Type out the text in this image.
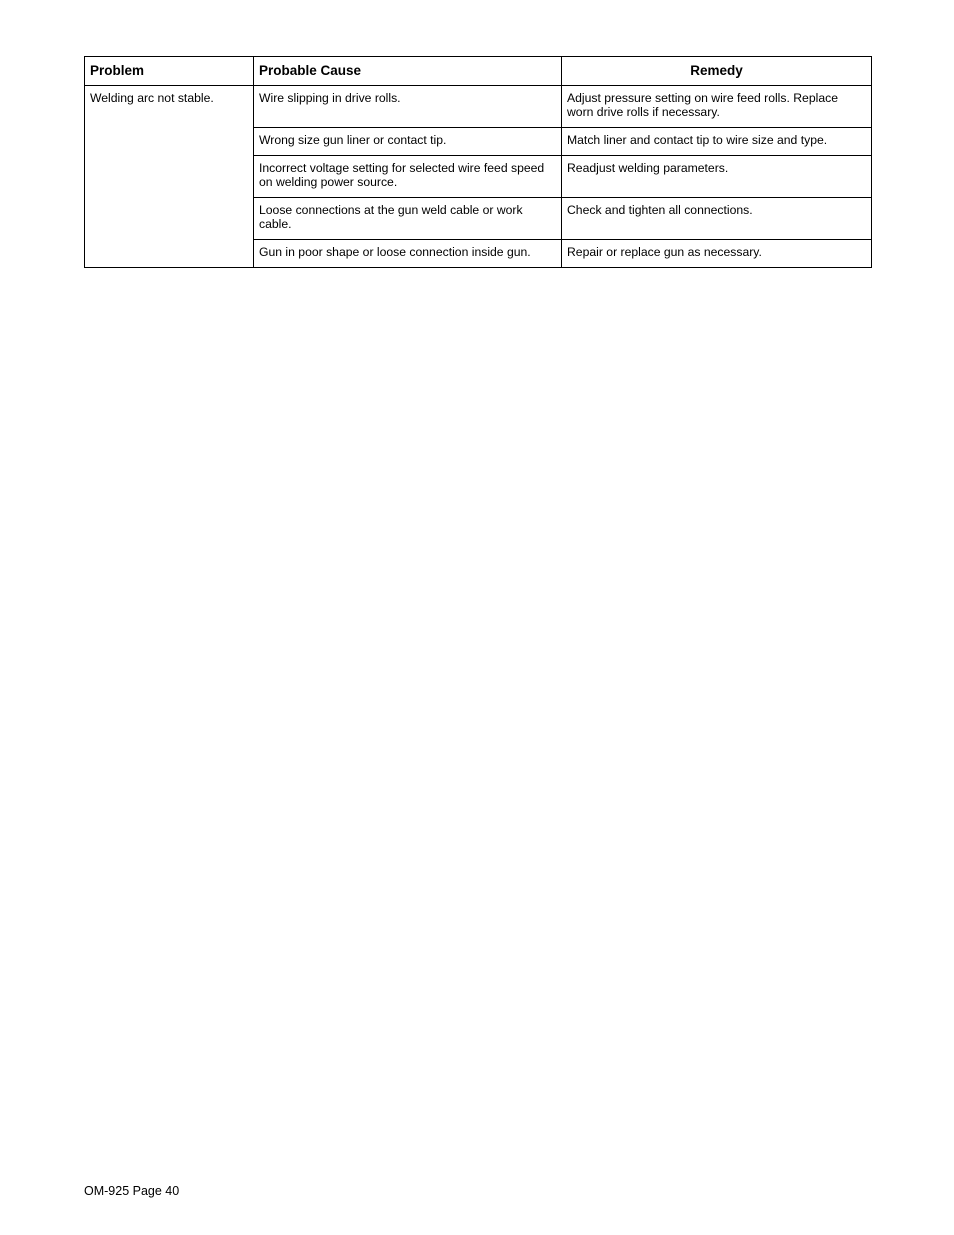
Problem	Probable Cause	Remedy
Welding arc not stable.	Wire slipping in drive rolls.	Adjust pressure setting on wire feed rolls. Replace worn drive rolls if necessary.
	Wrong size gun liner or contact tip.	Match liner and contact tip to wire size and type.
	Incorrect voltage setting for selected wire feed speed on welding power source.	Readjust welding parameters.
	Loose connections at the gun weld cable or work cable.	Check and tighten all connections.
	Gun in poor shape or loose connection inside gun.	Repair or replace gun as necessary.
OM-925 Page 40
